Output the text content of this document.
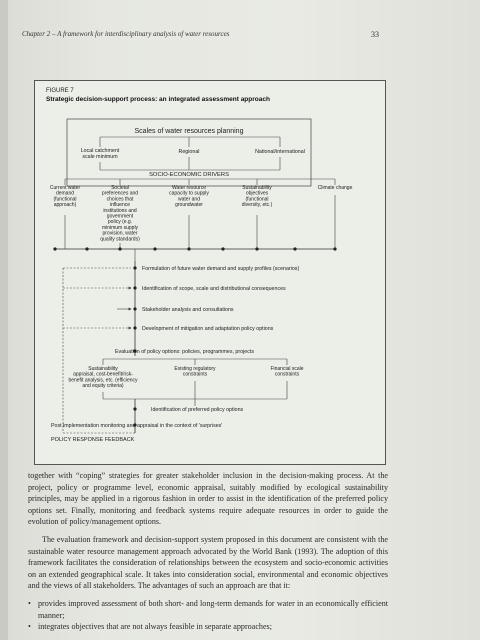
Chapter 2 – A framework for interdisciplinary analysis of water resources	33
FIGURE 7
Strategic decision-support process: an integrated assessment approach
Scales of water resources planning
Local catchment scale minimum
Regional	National/international
SOCIO-ECONOMIC DRIVERS
Current water demand (functional approach)
Societal preferences and choices that influence institutions and government policy (e.g. minimum supply provision, water quality standards)
Water resource capacity to supply water and groundwater
Sustainability objectives (functional diversity, etc.)
Climate change
Formulation of future water demand and supply profiles (scenarios)
Identification of scope, scale and distributional consequences
Stakeholder analysis and consultations
Development of mitigation and adaptation policy options
Evaluation of policy options: policies, programmes, projects
Sustainability appraisal, cost-benefit/risk-benefit analysis, etc. (efficiency and equity criteria)
Existing regulatory constraints
Financial scale constraints
Identification of preferred policy options
Post implementation monitoring and appraisal in the context of 'surprises'
POLICY RESPONSE FEEDBACK

together with “coping” strategies for greater stakeholder inclusion in the decision-making process. At the project, policy or programme level, economic appraisal, suitably modified by ecological sustainability principles, may be applied in a rigorous fashion in order to assist in the identification of the preferred policy options set. Finally, monitoring and feedback systems require adequate resources in order to guide the evolution of policy/management options.

The evaluation framework and decision-support system proposed in this document are consistent with the sustainable water resource management approach advocated by the World Bank (1993). The adoption of this framework facilitates the consideration of relationships between the ecosystem and socio-economic activities on an extended geographical scale. It takes into consideration social, environmental and economic objectives and the views of all stakeholders. The advantages of such an approach are that it:

• provides improved assessment of both short- and long-term demands for water in an economically efficient manner;
• integrates objectives that are not always feasible in separate approaches;
